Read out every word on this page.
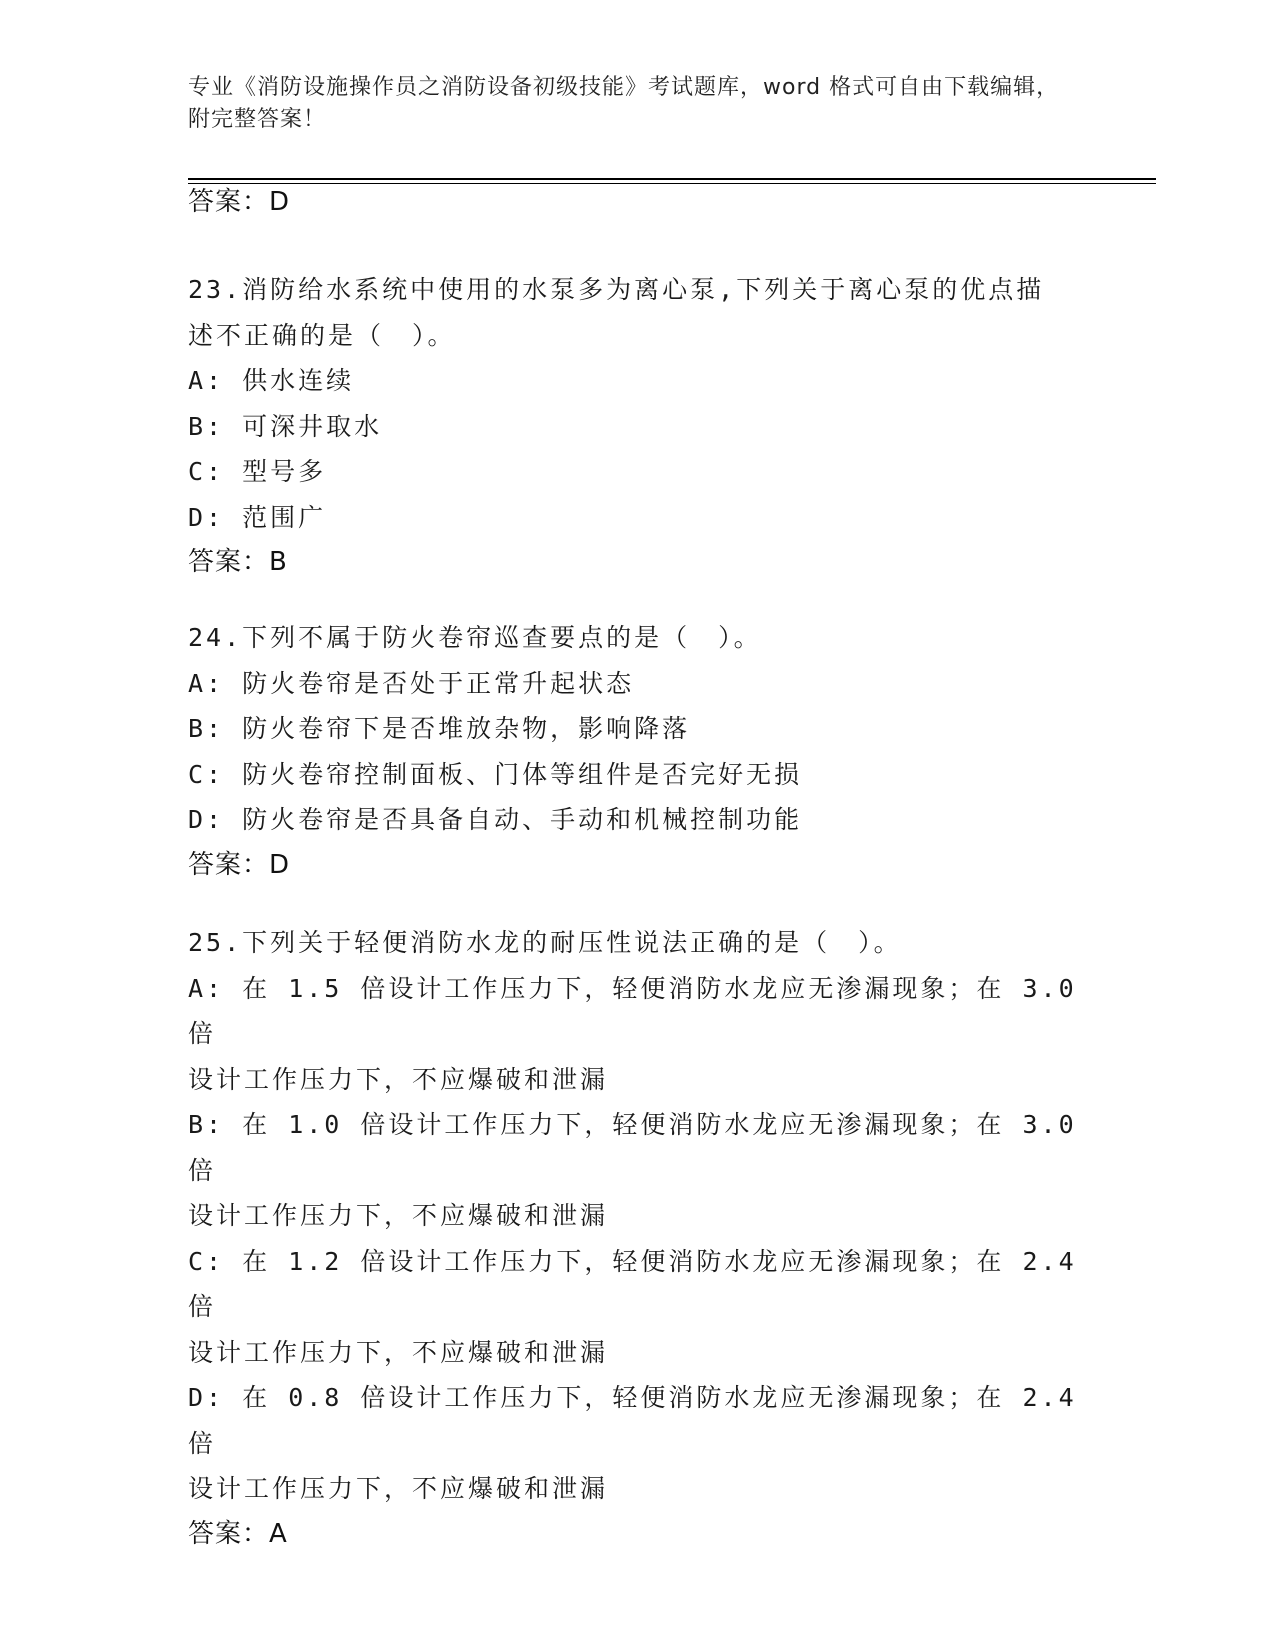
专业《消防设施操作员之消防设备初级技能》考试题库，word 格式可自由下载编辑，附完整答案！
答案：D
23.消防给水系统中使用的水泵多为离心泵,下列关于离心泵的优点描
述不正确的是（　）。
A: 供水连续
B: 可深井取水
C: 型号多
D: 范围广
答案：B
24.下列不属于防火卷帘巡查要点的是（　）。
A: 防火卷帘是否处于正常升起状态
B: 防火卷帘下是否堆放杂物，影响降落
C: 防火卷帘控制面板、门体等组件是否完好无损
D: 防火卷帘是否具备自动、手动和机械控制功能
答案：D
25.下列关于轻便消防水龙的耐压性说法正确的是（　）。
A: 在 1.5 倍设计工作压力下，轻便消防水龙应无渗漏现象；在 3.0 倍
设计工作压力下，不应爆破和泄漏
B: 在 1.0 倍设计工作压力下，轻便消防水龙应无渗漏现象；在 3.0 倍
设计工作压力下，不应爆破和泄漏
C: 在 1.2 倍设计工作压力下，轻便消防水龙应无渗漏现象；在 2.4 倍
设计工作压力下，不应爆破和泄漏
D: 在 0.8 倍设计工作压力下，轻便消防水龙应无渗漏现象；在 2.4 倍
设计工作压力下，不应爆破和泄漏
答案：A
